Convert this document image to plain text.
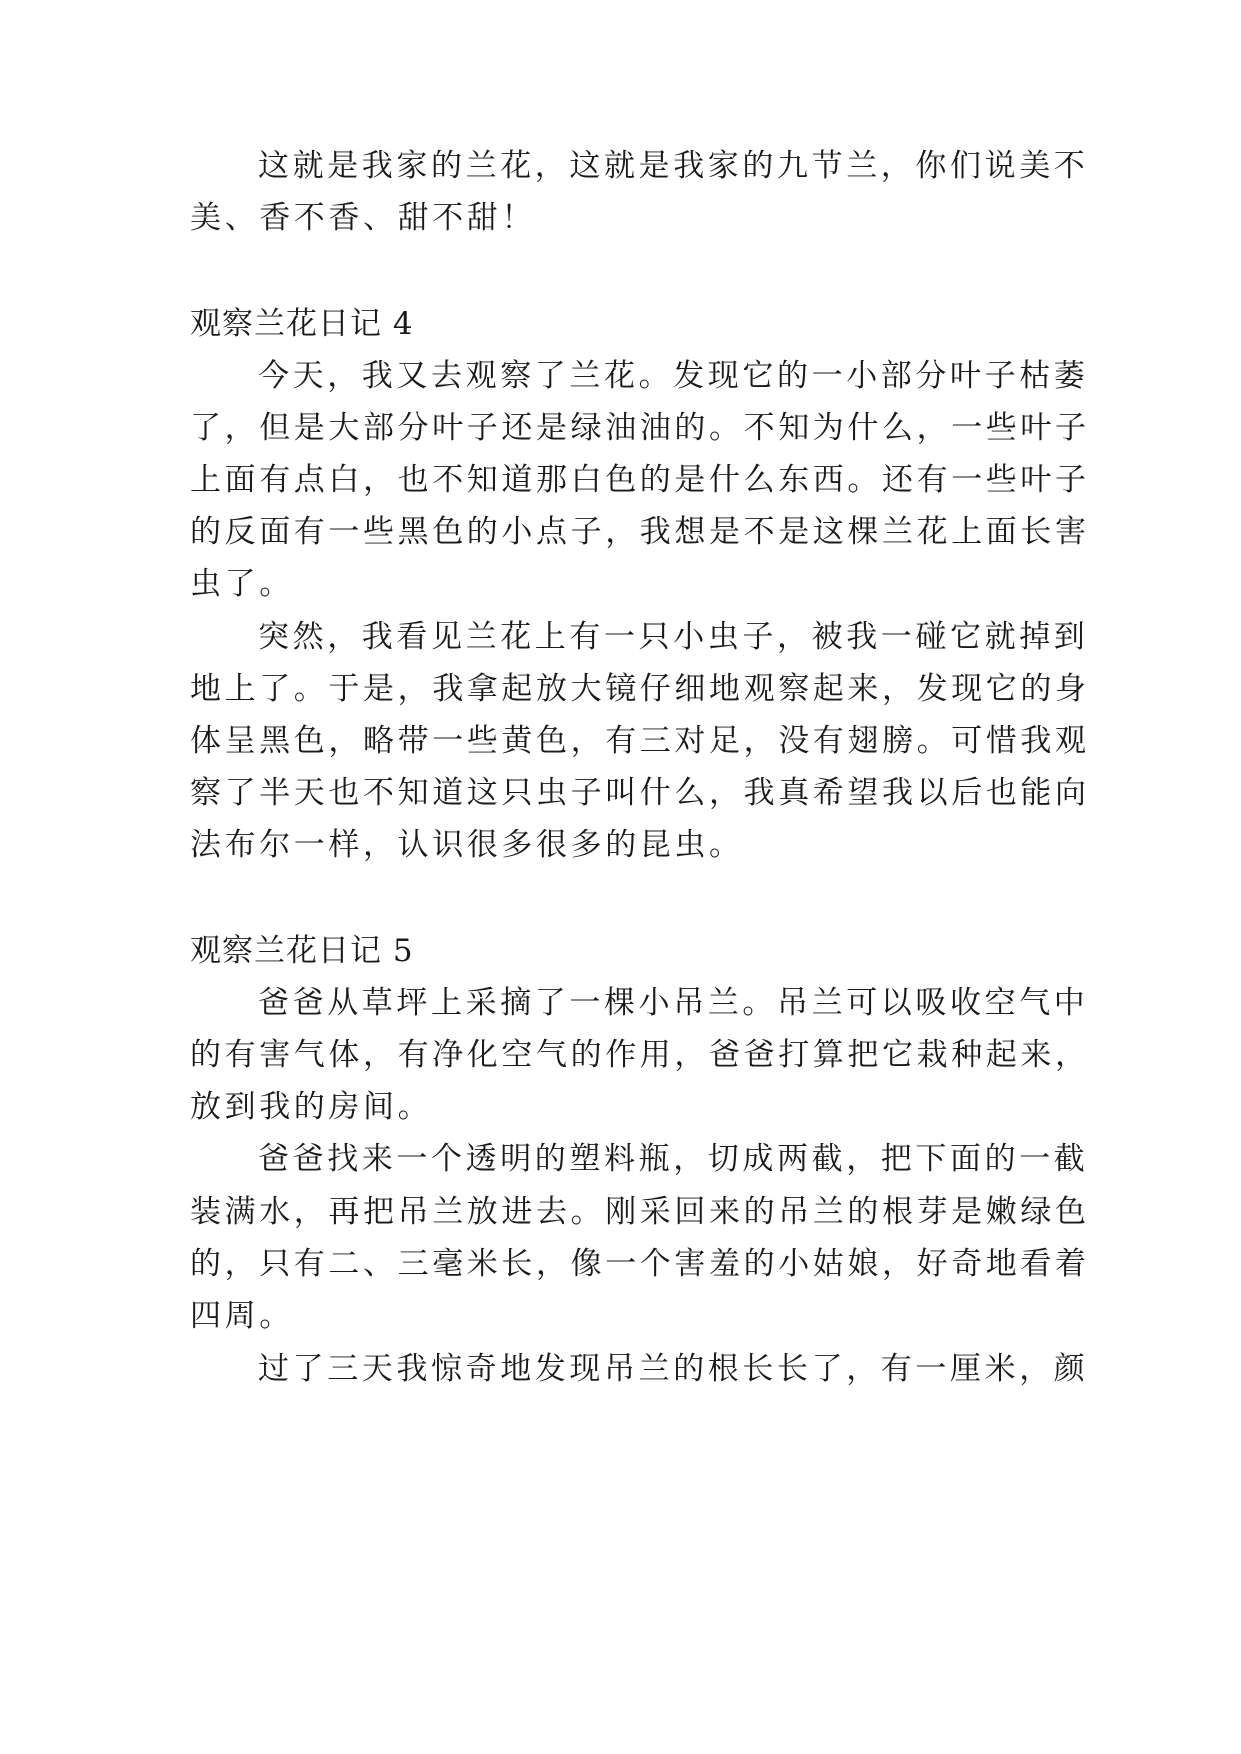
这就是我家的兰花，这就是我家的九节兰，你们说美不
美、香不香、甜不甜！
观察兰花日记 4
今天，我又去观察了兰花。发现它的一小部分叶子枯萎
了，但是大部分叶子还是绿油油的。不知为什么，一些叶子
上面有点白，也不知道那白色的是什么东西。还有一些叶子
的反面有一些黑色的小点子，我想是不是这棵兰花上面长害
虫了。
突然，我看见兰花上有一只小虫子，被我一碰它就掉到
地上了。于是，我拿起放大镜仔细地观察起来，发现它的身
体呈黑色，略带一些黄色，有三对足，没有翅膀。可惜我观
察了半天也不知道这只虫子叫什么，我真希望我以后也能向
法布尔一样，认识很多很多的昆虫。
观察兰花日记 5
爸爸从草坪上采摘了一棵小吊兰。吊兰可以吸收空气中
的有害气体，有净化空气的作用，爸爸打算把它栽种起来，
放到我的房间。
爸爸找来一个透明的塑料瓶，切成两截，把下面的一截
装满水，再把吊兰放进去。刚采回来的吊兰的根芽是嫩绿色
的，只有二、三毫米长，像一个害羞的小姑娘，好奇地看着
四周。
过了三天我惊奇地发现吊兰的根长长了，有一厘米，颜
